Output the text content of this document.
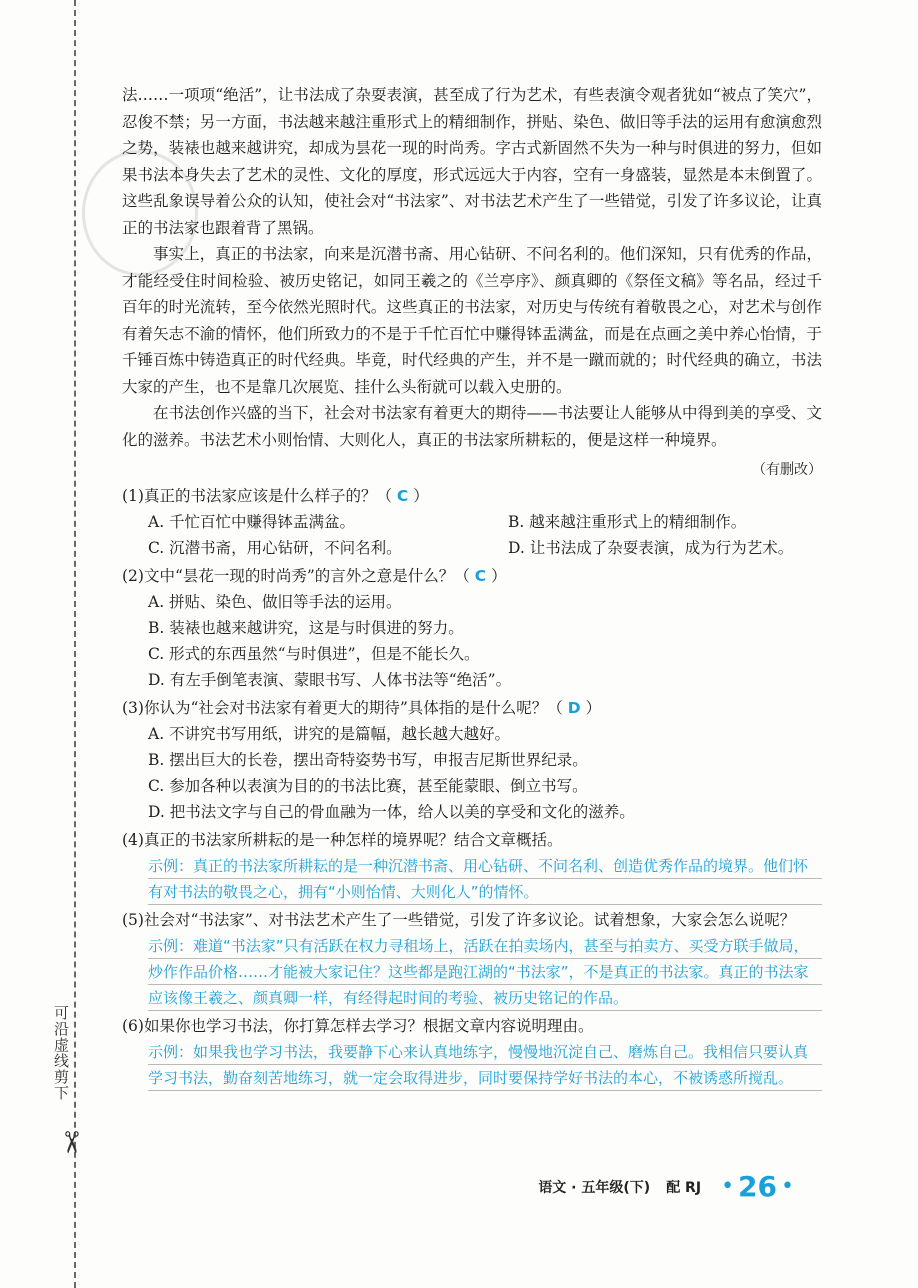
可沿虚线剪下
✂

法……一项项“绝活”，让书法成了杂耍表演，甚至成了行为艺术，有些表演令观者犹如“被点了笑穴”，忍俊不禁；另一方面，书法越来越注重形式上的精细制作，拼贴、染色、做旧等手法的运用有愈演愈烈之势，装裱也越来越讲究，却成为昙花一现的时尚秀。字古式新固然不失为一种与时俱进的努力，但如果书法本身失去了艺术的灵性、文化的厚度，形式远远大于内容，空有一身盛装，显然是本末倒置了。这些乱象误导着公众的认知，使社会对“书法家”、对书法艺术产生了一些错觉，引发了许多议论，让真正的书法家也跟着背了黑锅。

事实上，真正的书法家，向来是沉潜书斋、用心钻研、不问名利的。他们深知，只有优秀的作品，才能经受住时间检验、被历史铭记，如同王羲之的《兰亭序》、颜真卿的《祭侄文稿》等名品，经过千百年的时光流转，至今依然光照时代。这些真正的书法家，对历史与传统有着敬畏之心，对艺术与创作有着矢志不渝的情怀，他们所致力的不是于千忙百忙中赚得钵盂满盆，而是在点画之美中养心怡情，于千锤百炼中铸造真正的时代经典。毕竟，时代经典的产生，并不是一蹴而就的；时代经典的确立，书法大家的产生，也不是靠几次展览、挂什么头衔就可以载入史册的。

在书法创作兴盛的当下，社会对书法家有着更大的期待——书法要让人能够从中得到美的享受、文化的滋养。书法艺术小则怡情、大则化人，真正的书法家所耕耘的，便是这样一种境界。

（有删改）

(1)真正的书法家应该是什么样子的？（ C ）

A. 千忙百忙中赚得钵盂满盆。	B. 越来越注重形式上的精细制作。

C. 沉潜书斋，用心钻研，不问名利。	D. 让书法成了杂耍表演，成为行为艺术。

(2)文中“昙花一现的时尚秀”的言外之意是什么？（ C ）

A. 拼贴、染色、做旧等手法的运用。

B. 装裱也越来越讲究，这是与时俱进的努力。

C. 形式的东西虽然“与时俱进”，但是不能长久。

D. 有左手倒笔表演、蒙眼书写、人体书法等“绝活”。

(3)你认为“社会对书法家有着更大的期待”具体指的是什么呢？（ D ）

A. 不讲究书写用纸，讲究的是篇幅，越长越大越好。

B. 摆出巨大的长卷，摆出奇特姿势书写，申报吉尼斯世界纪录。

C. 参加各种以表演为目的的书法比赛，甚至能蒙眼、倒立书写。

D. 把书法文字与自己的骨血融为一体，给人以美的享受和文化的滋养。

(4)真正的书法家所耕耘的是一种怎样的境界呢？结合文章概括。

示例：真正的书法家所耕耘的是一种沉潜书斋、用心钻研、不问名利、创造优秀作品的境界。他们怀有对书法的敬畏之心，拥有“小则怡情、大则化人”的情怀。

(5)社会对“书法家”、对书法艺术产生了一些错觉，引发了许多议论。试着想象，大家会怎么说呢？

示例：难道“书法家”只有活跃在权力寻租场上，活跃在拍卖场内，甚至与拍卖方、买受方联手做局，炒作作品价格……才能被大家记住？这些都是跑江湖的“书法家”，不是真正的书法家。真正的书法家应该像王羲之、颜真卿一样，有经得起时间的考验、被历史铭记的作品。

(6)如果你也学习书法，你打算怎样去学习？根据文章内容说明理由。

示例：如果我也学习书法，我要静下心来认真地练字，慢慢地沉淀自己、磨炼自己。我相信只要认真学习书法，勤奋刻苦地练习，就一定会取得进步，同时要保持学好书法的本心，不被诱惑所搅乱。
语文 · 五年级(下) 配 RJ • 26 •
